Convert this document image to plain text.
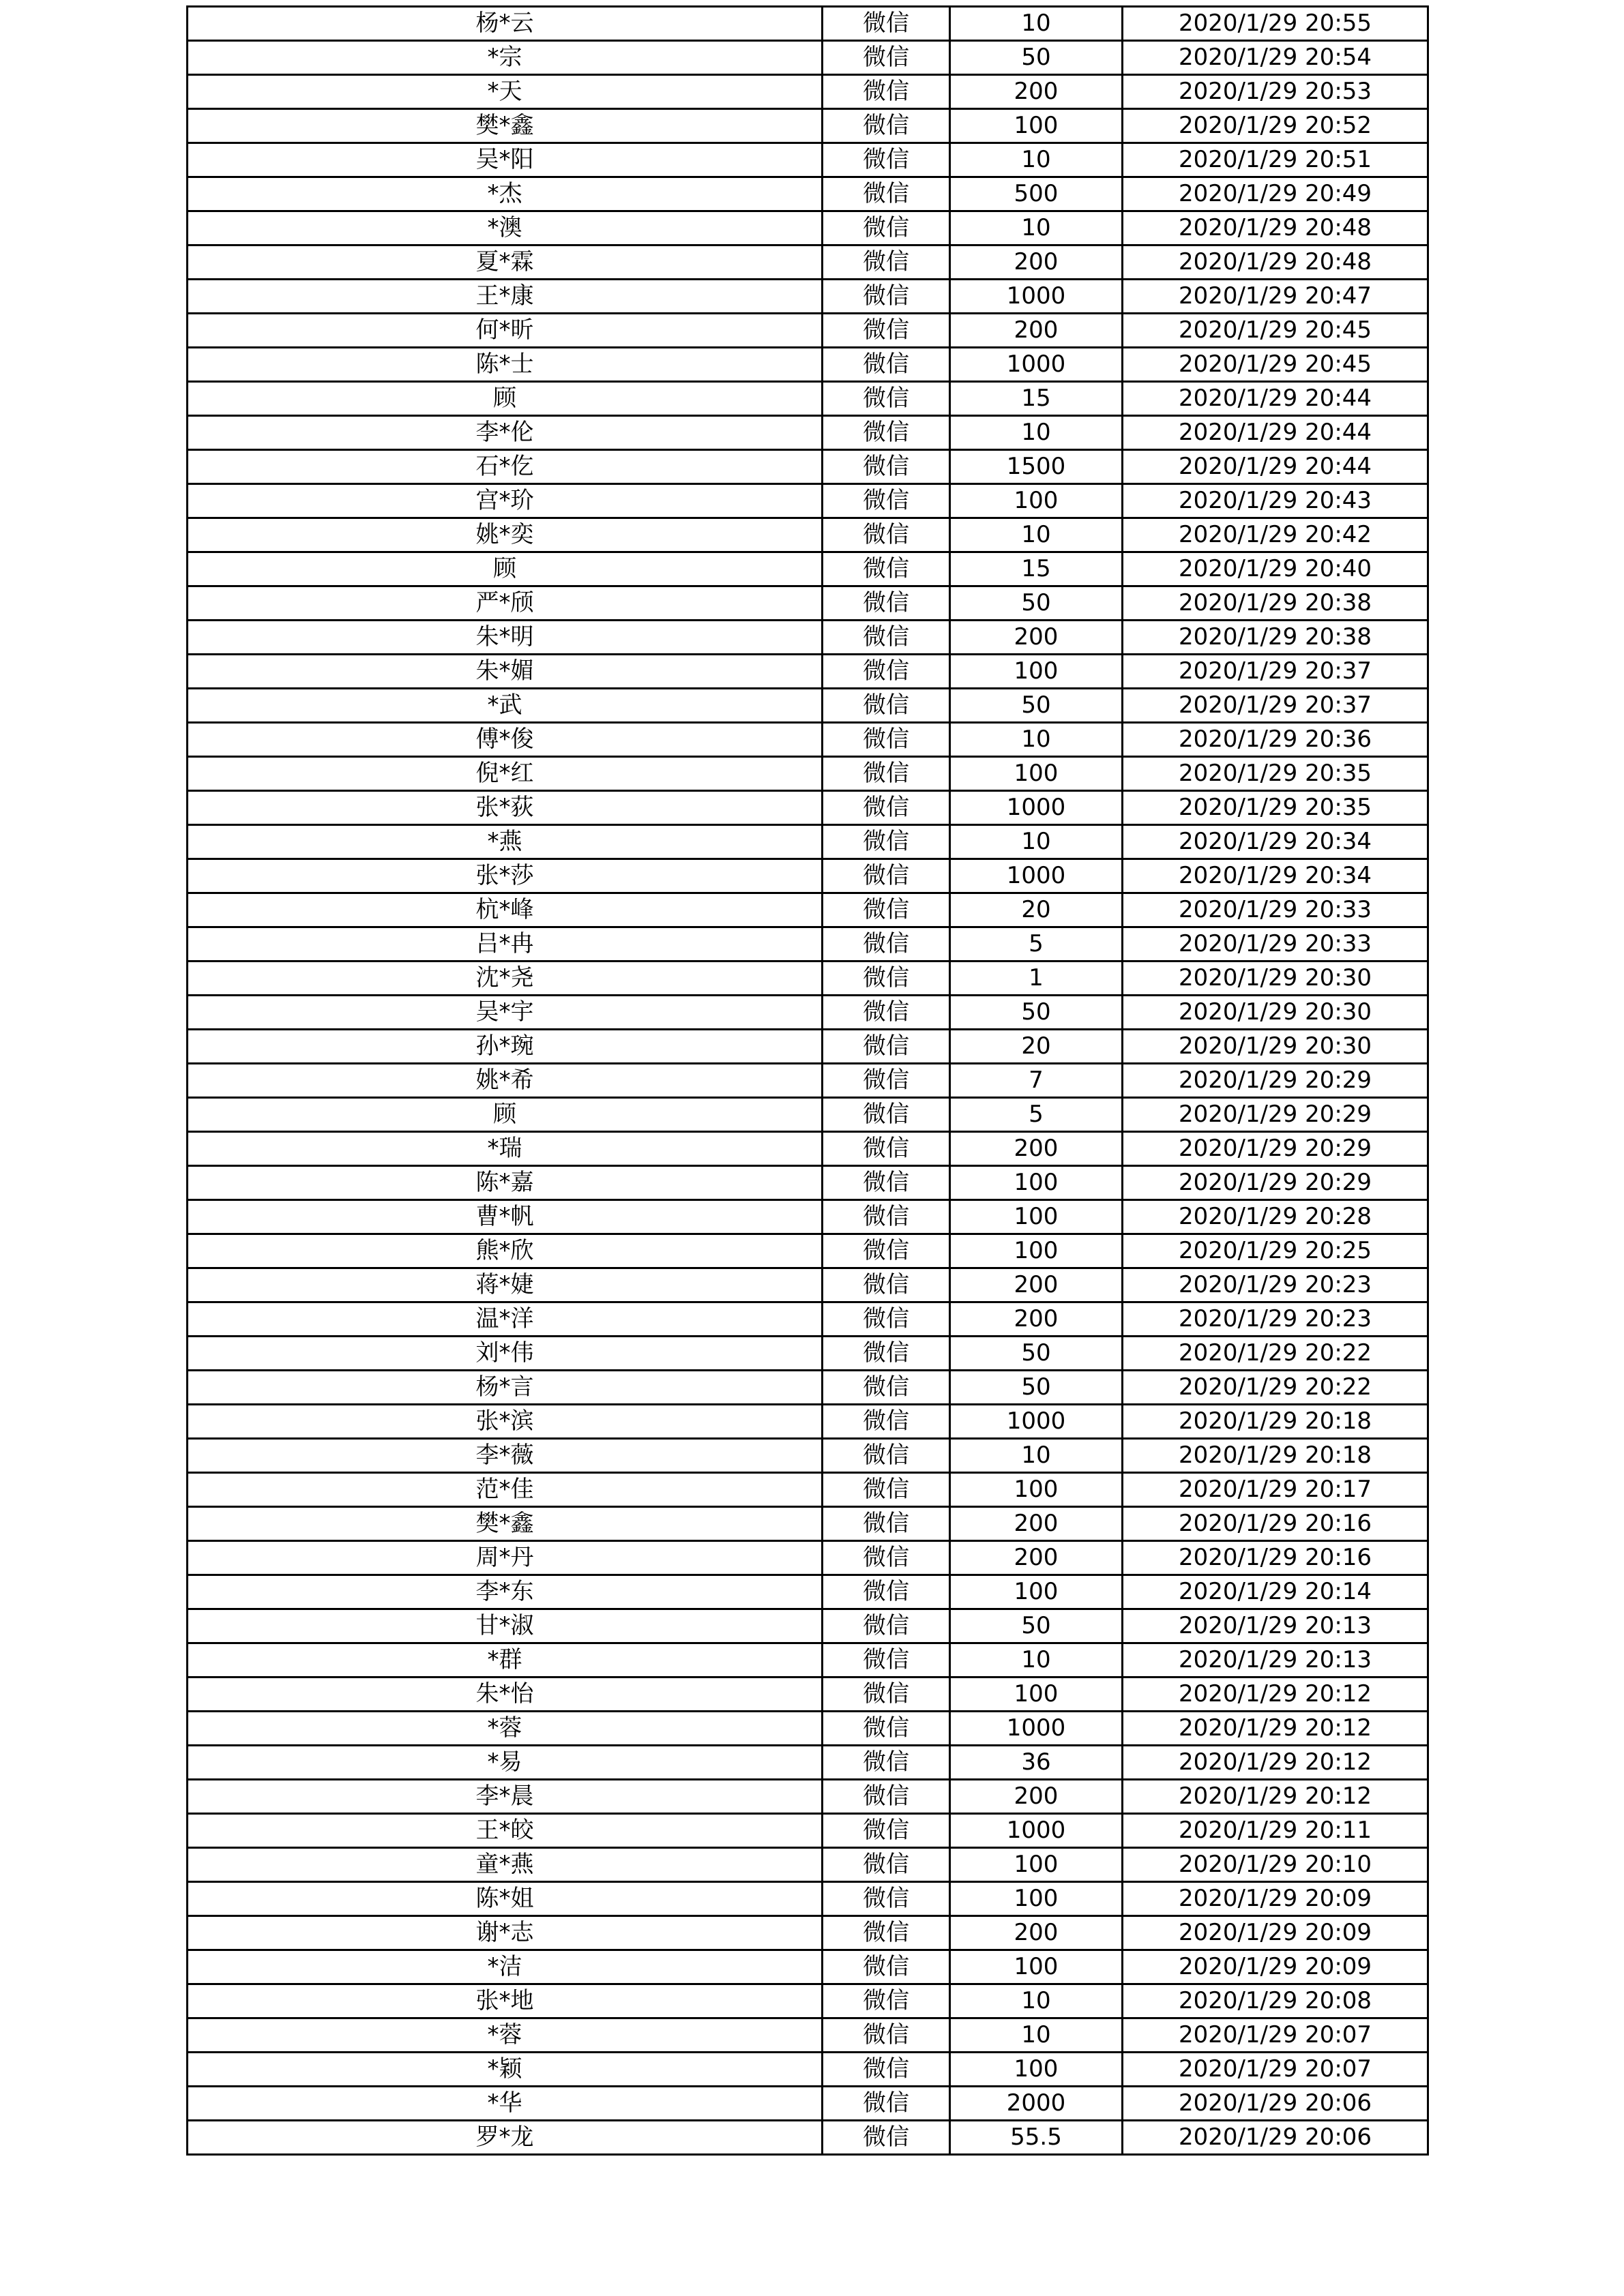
杨*云	微信	10	2020/1/29 20:55
*宗	微信	50	2020/1/29 20:54
*天	微信	200	2020/1/29 20:53
樊*鑫	微信	100	2020/1/29 20:52
吴*阳	微信	10	2020/1/29 20:51
*杰	微信	500	2020/1/29 20:49
*澳	微信	10	2020/1/29 20:48
夏*霖	微信	200	2020/1/29 20:48
王*康	微信	1000	2020/1/29 20:47
何*昕	微信	200	2020/1/29 20:45
陈*士	微信	1000	2020/1/29 20:45
顾	微信	15	2020/1/29 20:44
李*伦	微信	10	2020/1/29 20:44
石*仡	微信	1500	2020/1/29 20:44
宫*玠	微信	100	2020/1/29 20:43
姚*奕	微信	10	2020/1/29 20:42
顾	微信	15	2020/1/29 20:40
严*颀	微信	50	2020/1/29 20:38
朱*明	微信	200	2020/1/29 20:38
朱*媚	微信	100	2020/1/29 20:37
*武	微信	50	2020/1/29 20:37
傅*俊	微信	10	2020/1/29 20:36
倪*红	微信	100	2020/1/29 20:35
张*荻	微信	1000	2020/1/29 20:35
*燕	微信	10	2020/1/29 20:34
张*莎	微信	1000	2020/1/29 20:34
杭*峰	微信	20	2020/1/29 20:33
吕*冉	微信	5	2020/1/29 20:33
沈*尧	微信	1	2020/1/29 20:30
吴*宇	微信	50	2020/1/29 20:30
孙*琬	微信	20	2020/1/29 20:30
姚*希	微信	7	2020/1/29 20:29
顾	微信	5	2020/1/29 20:29
*瑞	微信	200	2020/1/29 20:29
陈*嘉	微信	100	2020/1/29 20:29
曹*帆	微信	100	2020/1/29 20:28
熊*欣	微信	100	2020/1/29 20:25
蒋*婕	微信	200	2020/1/29 20:23
温*洋	微信	200	2020/1/29 20:23
刘*伟	微信	50	2020/1/29 20:22
杨*言	微信	50	2020/1/29 20:22
张*滨	微信	1000	2020/1/29 20:18
李*薇	微信	10	2020/1/29 20:18
范*佳	微信	100	2020/1/29 20:17
樊*鑫	微信	200	2020/1/29 20:16
周*丹	微信	200	2020/1/29 20:16
李*东	微信	100	2020/1/29 20:14
甘*淑	微信	50	2020/1/29 20:13
*群	微信	10	2020/1/29 20:13
朱*怡	微信	100	2020/1/29 20:12
*蓉	微信	1000	2020/1/29 20:12
*易	微信	36	2020/1/29 20:12
李*晨	微信	200	2020/1/29 20:12
王*皎	微信	1000	2020/1/29 20:11
童*燕	微信	100	2020/1/29 20:10
陈*姐	微信	100	2020/1/29 20:09
谢*志	微信	200	2020/1/29 20:09
*洁	微信	100	2020/1/29 20:09
张*地	微信	10	2020/1/29 20:08
*蓉	微信	10	2020/1/29 20:07
*颖	微信	100	2020/1/29 20:07
*华	微信	2000	2020/1/29 20:06
罗*龙	微信	55.5	2020/1/29 20:06
